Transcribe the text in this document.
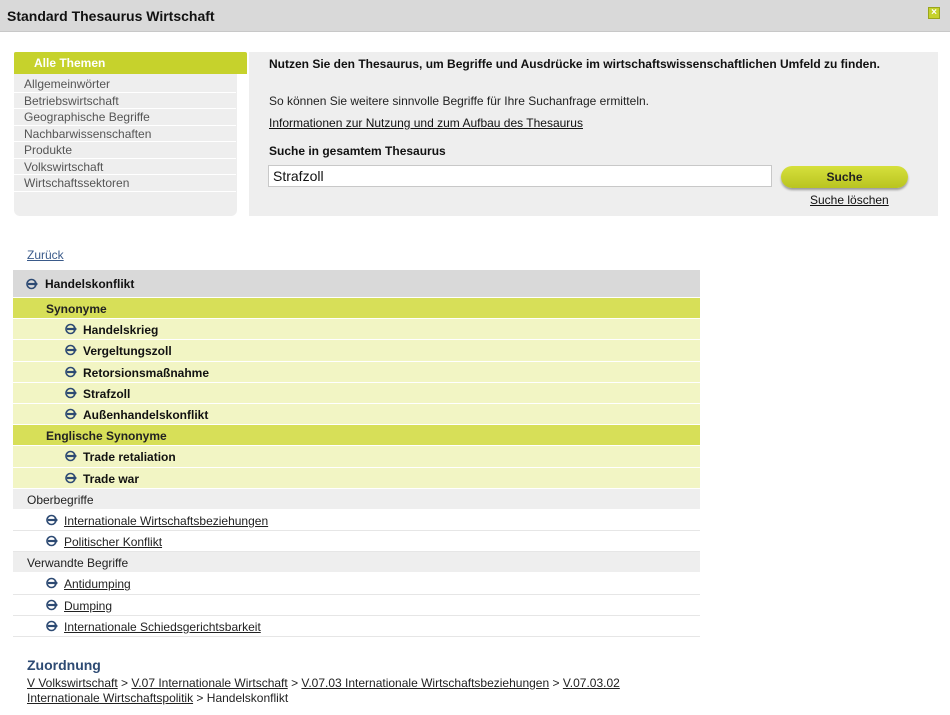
Standard Thesaurus Wirtschaft	×
Alle Themen
Allgemeinwörter
Betriebswirtschaft
Geographische Begriffe
Nachbarwissenschaften
Produkte
Volkswirtschaft
Wirtschaftssektoren
Nutzen Sie den Thesaurus, um Begriffe und Ausdrücke im wirtschaftswissenschaftlichen Umfeld zu finden.
So können Sie weitere sinnvolle Begriffe für Ihre Suchanfrage ermitteln.
Informationen zur Nutzung und zum Aufbau des Thesaurus
Suche in gesamtem Thesaurus
Strafzoll
Suche
Suche löschen
Zurück
Handelskonflikt
Synonyme
Handelskrieg
Vergeltungszoll
Retorsionsmaßnahme
Strafzoll
Außenhandelskonflikt
Englische Synonyme
Trade retaliation
Trade war
Oberbegriffe
Internationale Wirtschaftsbeziehungen
Politischer Konflikt
Verwandte Begriffe
Antidumping
Dumping
Internationale Schiedsgerichtsbarkeit
Zuordnung
V Volkswirtschaft > V.07 Internationale Wirtschaft > V.07.03 Internationale Wirtschaftsbeziehungen > V.07.03.02 Internationale Wirtschaftspolitik > Handelskonflikt
